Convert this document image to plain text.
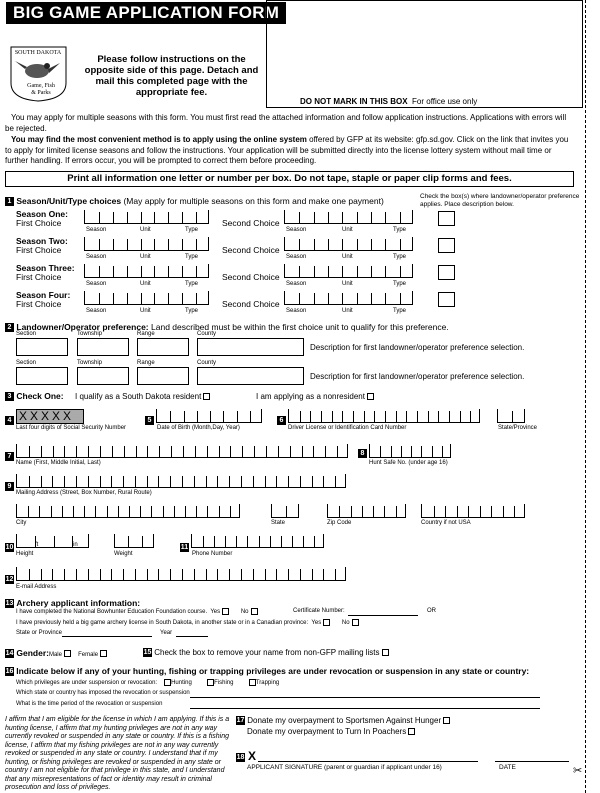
BIG GAME APPLICATION FORM
DO NOT MARK IN THIS BOX For office use only
SOUTH DAKOTA
Game, Fish
& Parks
Please follow instructions on the opposite side of this page. Detach and mail this completed page with the appropriate fee.
You may apply for multiple seasons with this form. You must first read the attached information and follow application instructions. Applications with errors will be rejected.
You may find the most convenient method is to apply using the online system offered by GFP at its website: gfp.sd.gov. Click on the link that invites you to apply for limited license seasons and follow the instructions. Your application will be submitted directly into the license lottery system without mail time or further handling. If errors occur, you will be prompted to correct them before proceeding.
Print all information one letter or number per box. Do not tape, staple or paper clip forms and fees.
1 Season/Unit/Type choices (May apply for multiple seasons on this form and make one payment)	Check the box(s) where landowner/operator preference applies. Place description below.
Season One:
First Choice
Season	Unit	Type
Second Choice
Season	Unit	Type
Season Two:
First Choice
Season	Unit	Type
Second Choice
Season	Unit	Type
Season Three:
First Choice
Season	Unit	Type
Second Choice
Season	Unit	Type
Season Four:
First Choice
Season	Unit	Type
Second Choice
Season	Unit	Type
2 Landowner/Operator preference: Land described must be within the first choice unit to qualify for this preference.
Section	Township	Range	County
Description for first landowner/operator preference selection.
Section	Township	Range	County
Description for first landowner/operator preference selection.
3 Check One: I qualify as a South Dakota resident	I am applying as a nonresident
4 XXXXX
Last four digits of Social Security Number
5
Date of Birth (Month,Day, Year)
6
Driver License or Identification Card Number	State/Province
7
Name (First, Middle Initial, Last)
8
Hunt Safe No. (under age 16)
9
Mailing Address (Street, Box Number, Rural Route)
City	State	Zip Code	Country if not USA
10	ft	in
Height	Weight
11
Phone Number
12
E-mail Address
13 Archery applicant information:
I have completed the National Bowhunter Education Foundation course. Yes	No	Certificate Number:	OR
I have previously held a big game archery license in South Dakota, in another state or in a Canadian province: Yes	No
State or Province	Year
14 Gender:Male	Female	15 Check the box to remove your name from non-GFP mailing lists
16 Indicate below if any of your hunting, fishing or trapping privileges are under revocation or suspension in any state or country:
Which privileges are under suspension or revocation: Hunting	Fishing	Trapping
Which state or country has imposed the revocation or suspension
What is the time period of the revocation or suspension
I affirm that I am eligible for the license in which I am applying. If this is a hunting license, I affirm that my hunting privileges are not in any way currently revoked or suspended in any state or country. If this is a fishing license, I affirm that my fishing privileges are not in any way currently revoked or suspended in any state or country. I understand that if my hunting, or fishing privileges are revoked or suspended in any state or country I am not eligible for that privilege in this state, and I understand that any misrepresentations of fact or identity may result in criminal prosecution and loss of privileges.
17 Donate my overpayment to Sportsmen Against Hunger
Donate my overpayment to Turn In Poachers
18 X
APPLICANT SIGNATURE (parent or guardian if applicant under 16)	DATE	✂
